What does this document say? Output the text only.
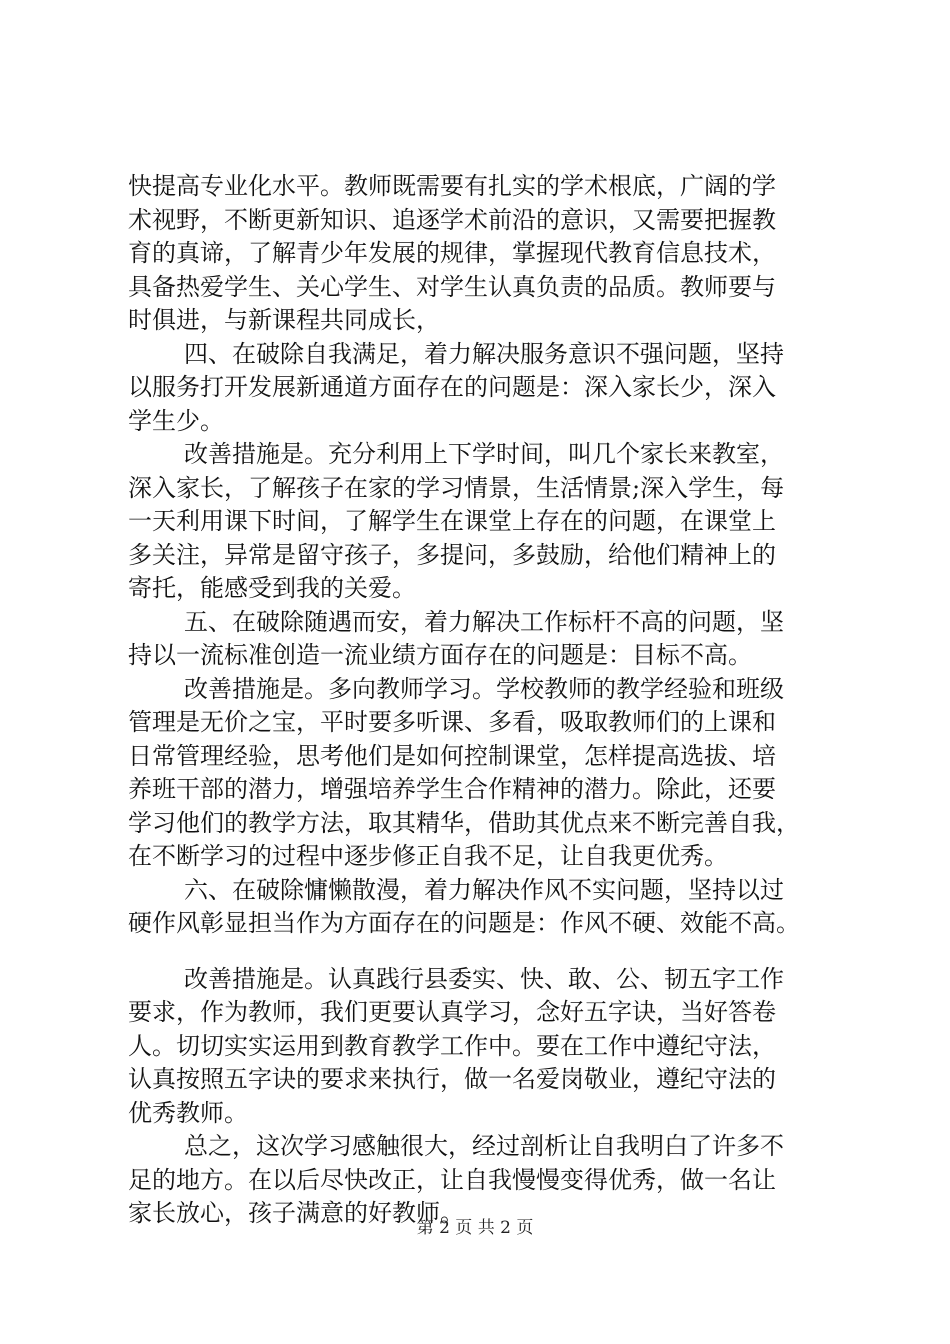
快提高专业化水平。教师既需要有扎实的学术根底，广阔的学
术视野，不断更新知识、追逐学术前沿的意识，又需要把握教
育的真谛，了解青少年发展的规律，掌握现代教育信息技术，
具备热爱学生、关心学生、对学生认真负责的品质。教师要与
时俱进，与新课程共同成长，
四、在破除自我满足，着力解决服务意识不强问题，坚持
以服务打开发展新通道方面存在的问题是：深入家长少，深入
学生少。
改善措施是。充分利用上下学时间，叫几个家长来教室，
深入家长，了解孩子在家的学习情景，生活情景;深入学生，每
一天利用课下时间，了解学生在课堂上存在的问题，在课堂上
多关注，异常是留守孩子，多提问，多鼓励，给他们精神上的
寄托，能感受到我的关爱。
五、在破除随遇而安，着力解决工作标杆不高的问题，坚
持以一流标准创造一流业绩方面存在的问题是：目标不高。
改善措施是。多向教师学习。学校教师的教学经验和班级
管理是无价之宝，平时要多听课、多看，吸取教师们的上课和
日常管理经验，思考他们是如何控制课堂，怎样提高选拔、培
养班干部的潜力，增强培养学生合作精神的潜力。除此，还要
学习他们的教学方法，取其精华，借助其优点来不断完善自我，
在不断学习的过程中逐步修正自我不足，让自我更优秀。
六、在破除慵懒散漫，着力解决作风不实问题，坚持以过
硬作风彰显担当作为方面存在的问题是：作风不硬、效能不高。
改善措施是。认真践行县委实、快、敢、公、韧五字工作
要求，作为教师，我们更要认真学习，念好五字诀，当好答卷
人。切切实实运用到教育教学工作中。要在工作中遵纪守法，
认真按照五字诀的要求来执行，做一名爱岗敬业，遵纪守法的
优秀教师。
总之，这次学习感触很大，经过剖析让自我明白了许多不
足的地方。在以后尽快改正，让自我慢慢变得优秀，做一名让
家长放心，孩子满意的好教师。
第 2 页 共 2 页
